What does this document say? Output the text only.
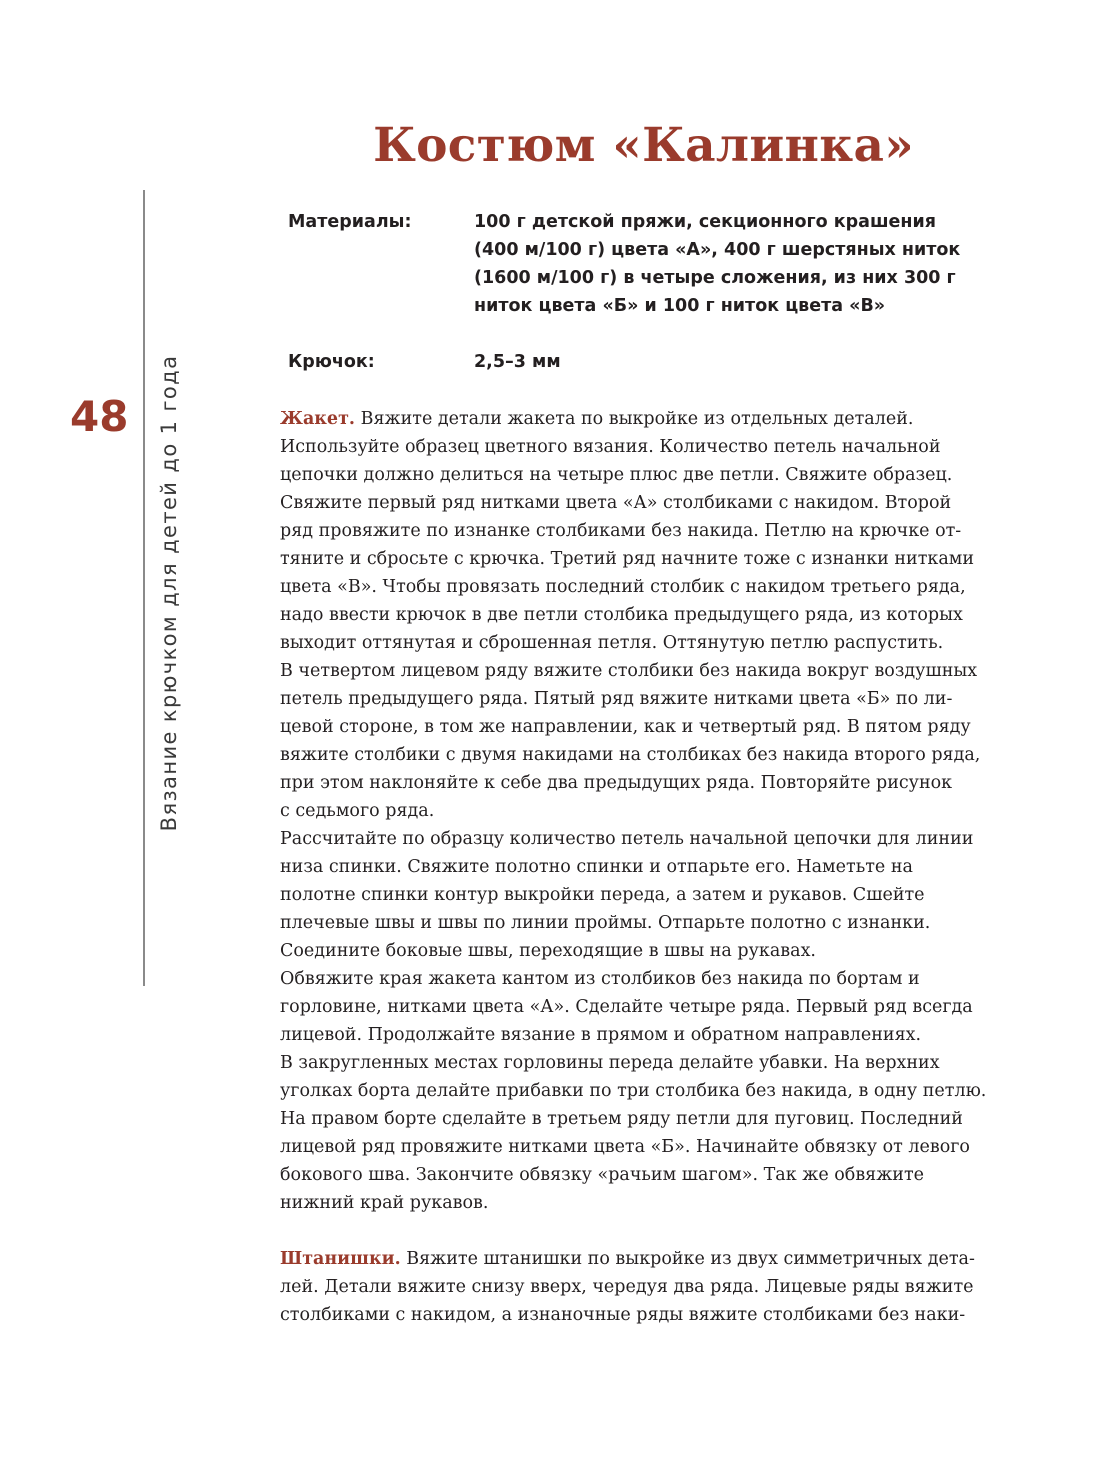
Костюм «Калинка»
48 Вязание крючком для детей до 1 года
Материалы:	100 г детской пряжи, секционного крашения
(400 м/100 г) цвета «А», 400 г шерстяных ниток
(1600 м/100 г) в четыре сложения, из них 300 г
ниток цвета «Б» и 100 г ниток цвета «В»
Крючок:	2,5–3 мм

Жакет. Вяжите детали жакета по выкройке из отдельных деталей.
Используйте образец цветного вязания. Количество петель начальной
цепочки должно делиться на четыре плюс две петли. Свяжите образец.
Свяжите первый ряд нитками цвета «А» столбиками с накидом. Второй
ряд провяжите по изнанке столбиками без накида. Петлю на крючке от-
тяните и сбросьте с крючка. Третий ряд начните тоже с изнанки нитками
цвета «В». Чтобы провязать последний столбик с накидом третьего ряда,
надо ввести крючок в две петли столбика предыдущего ряда, из которых
выходит оттянутая и сброшенная петля. Оттянутую петлю распустить.

В четвертом лицевом ряду вяжите столбики без накида вокруг воздушных
петель предыдущего ряда. Пятый ряд вяжите нитками цвета «Б» по ли-
цевой стороне, в том же направлении, как и четвертый ряд. В пятом ряду
вяжите столбики с двумя накидами на столбиках без накида второго ряда,
при этом наклоняйте к себе два предыдущих ряда. Повторяйте рисунок
с седьмого ряда.

Рассчитайте по образцу количество петель начальной цепочки для линии
низа спинки. Свяжите полотно спинки и отпарьте его. Наметьте на
полотне спинки контур выкройки переда, а затем и рукавов. Сшейте
плечевые швы и швы по линии проймы. Отпарьте полотно с изнанки.
Соедините боковые швы, переходящие в швы на рукавах.

Обвяжите края жакета кантом из столбиков без накида по бортам и
горловине, нитками цвета «А». Сделайте четыре ряда. Первый ряд всегда
лицевой. Продолжайте вязание в прямом и обратном направлениях.

В закругленных местах горловины переда делайте убавки. На верхних
уголках борта делайте прибавки по три столбика без накида, в одну петлю.
На правом борте сделайте в третьем ряду петли для пуговиц. Последний
лицевой ряд провяжите нитками цвета «Б». Начинайте обвязку от левого
бокового шва. Закончите обвязку «рачьим шагом». Так же обвяжите
нижний край рукавов.

Штанишки. Вяжите штанишки по выкройке из двух симметричных дета-
лей. Детали вяжите снизу вверх, чередуя два ряда. Лицевые ряды вяжите
столбиками с накидом, а изнаночные ряды вяжите столбиками без наки-
